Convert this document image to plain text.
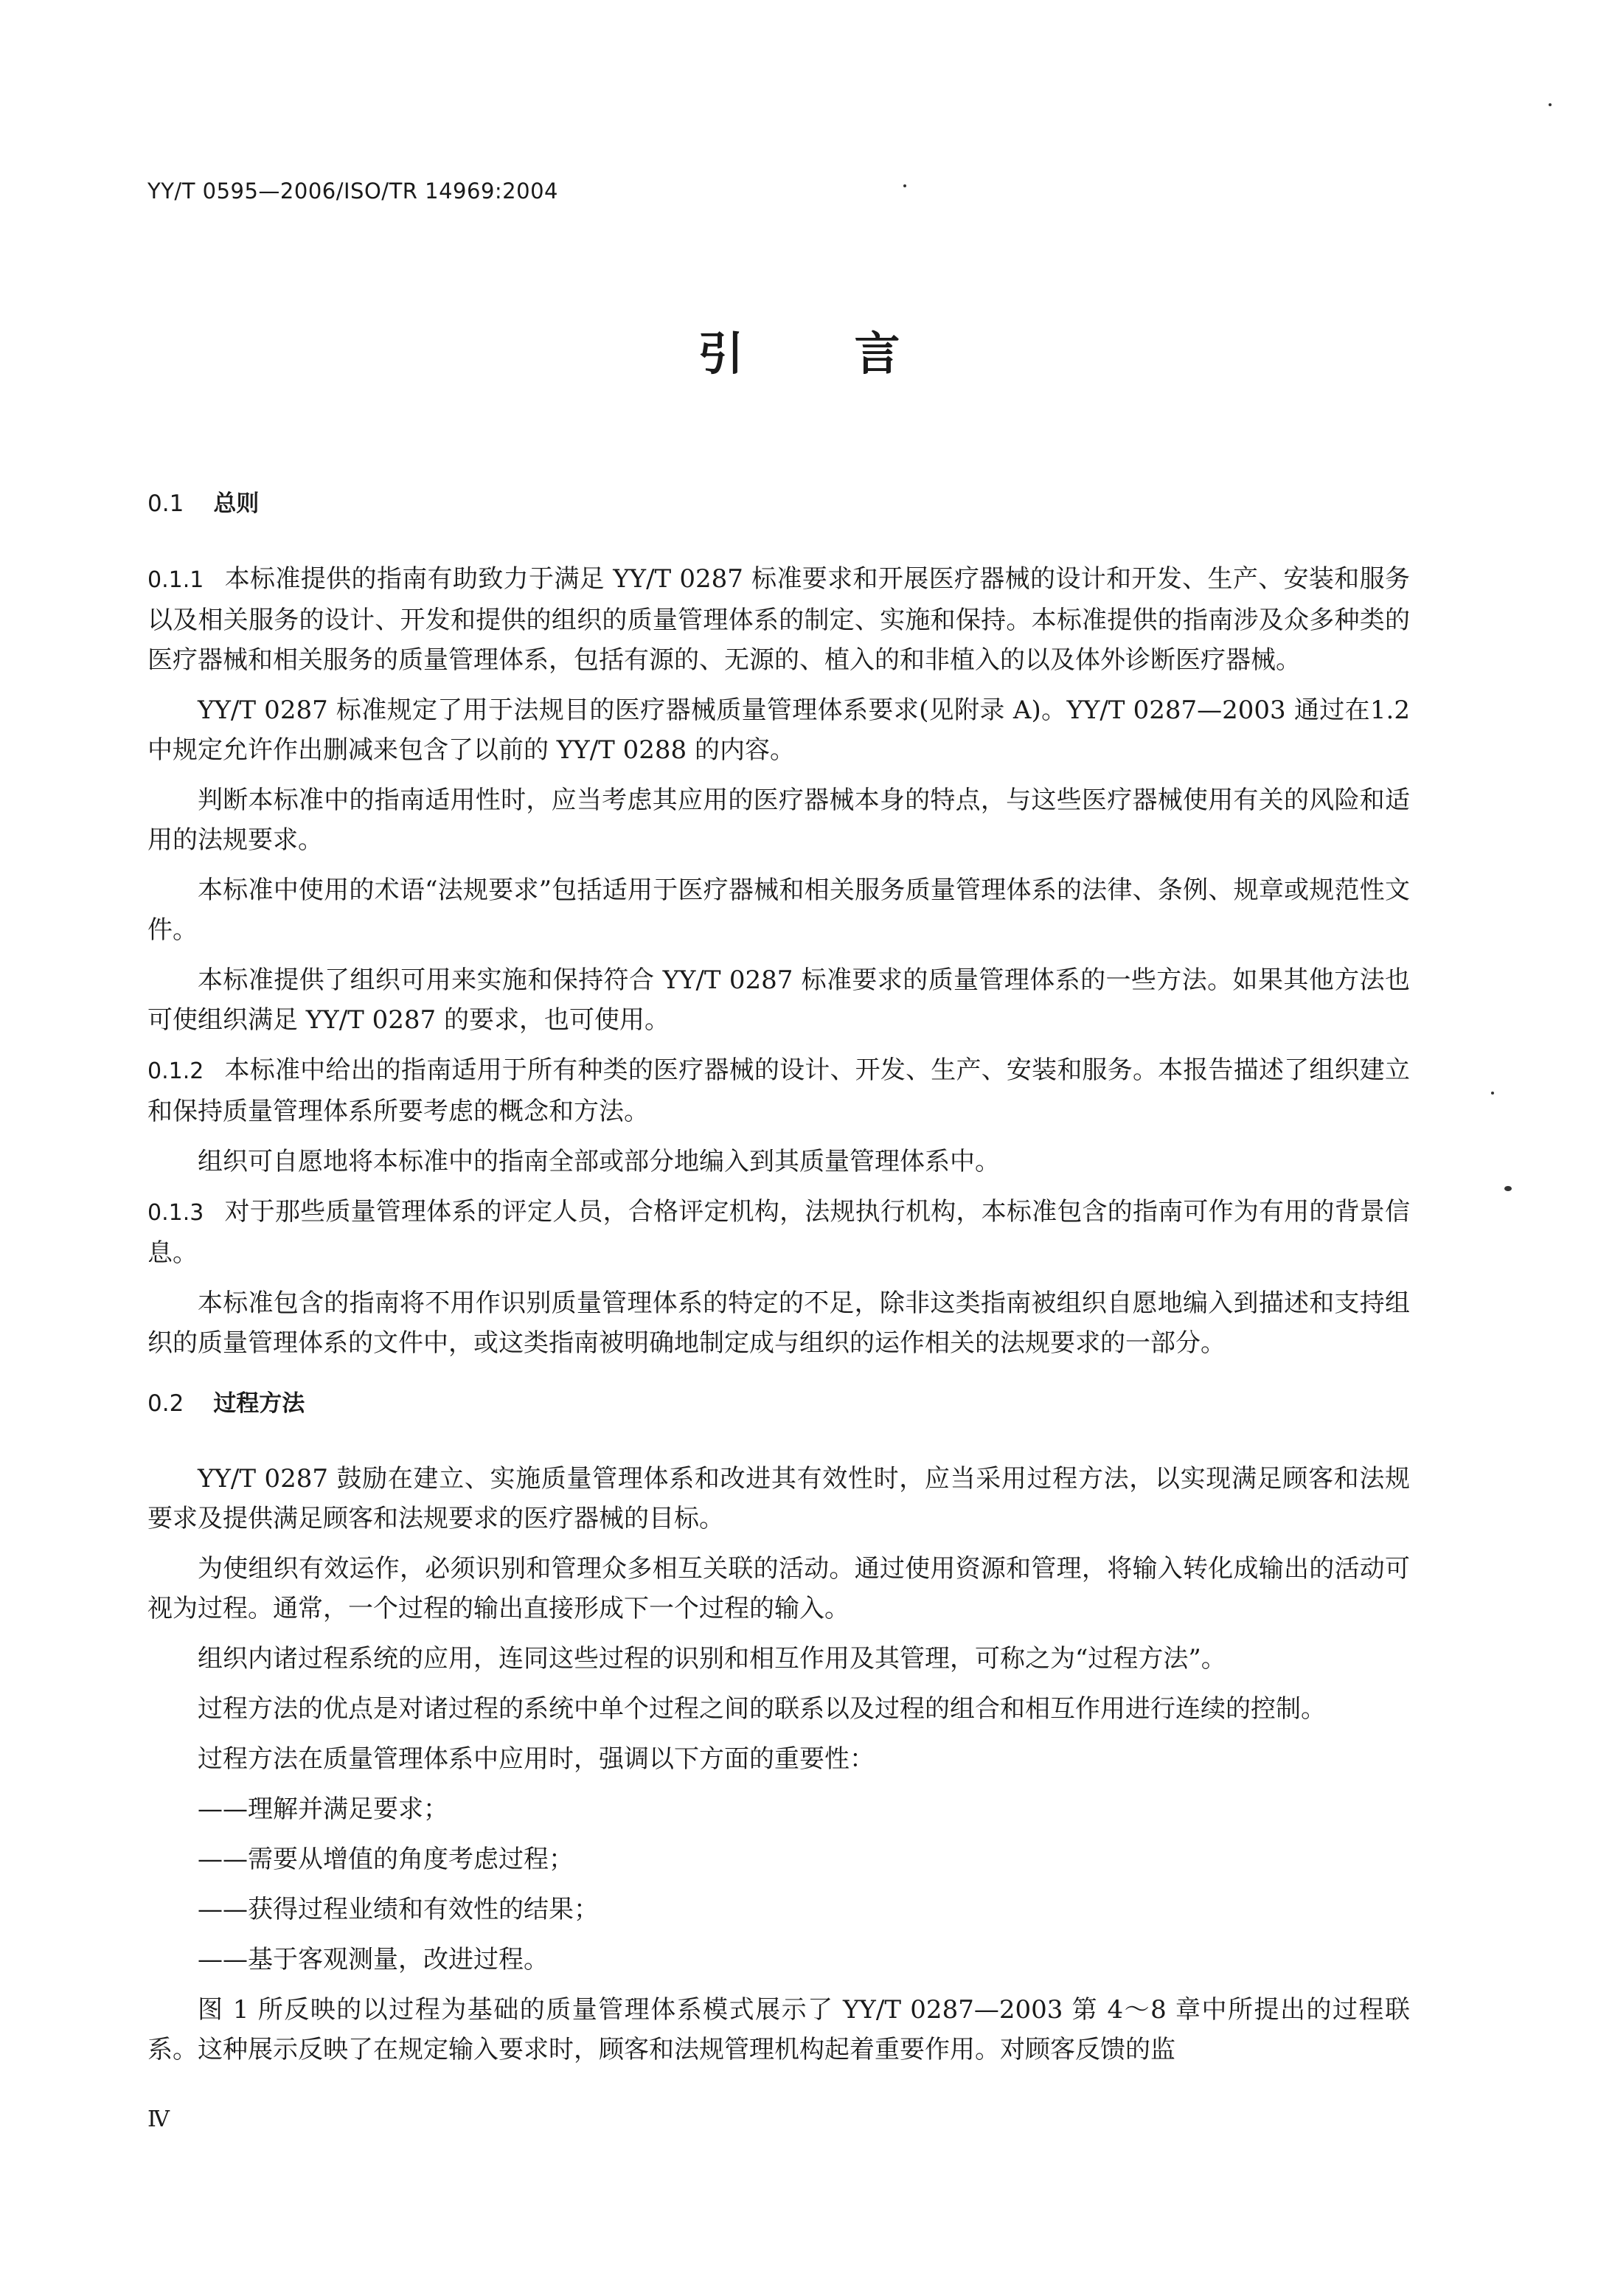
YY/T 0595—2006/ISO/TR 14969:2004
引言
0.1 总则

0.1.1 本标准提供的指南有助致力于满足 YY/T 0287 标准要求和开展医疗器械的设计和开发、生产、安装和服务以及相关服务的设计、开发和提供的组织的质量管理体系的制定、实施和保持。本标准提供的指南涉及众多种类的医疗器械和相关服务的质量管理体系，包括有源的、无源的、植入的和非植入的以及体外诊断医疗器械。

YY/T 0287 标准规定了用于法规目的医疗器械质量管理体系要求(见附录 A)。YY/T 0287—2003 通过在1.2 中规定允许作出删减来包含了以前的 YY/T 0288 的内容。

判断本标准中的指南适用性时，应当考虑其应用的医疗器械本身的特点，与这些医疗器械使用有关的风险和适用的法规要求。

本标准中使用的术语“法规要求”包括适用于医疗器械和相关服务质量管理体系的法律、条例、规章或规范性文件。

本标准提供了组织可用来实施和保持符合 YY/T 0287 标准要求的质量管理体系的一些方法。如果其他方法也可使组织满足 YY/T 0287 的要求，也可使用。

0.1.2 本标准中给出的指南适用于所有种类的医疗器械的设计、开发、生产、安装和服务。本报告描述了组织建立和保持质量管理体系所要考虑的概念和方法。

组织可自愿地将本标准中的指南全部或部分地编入到其质量管理体系中。

0.1.3 对于那些质量管理体系的评定人员，合格评定机构，法规执行机构，本标准包含的指南可作为有用的背景信息。

本标准包含的指南将不用作识别质量管理体系的特定的不足，除非这类指南被组织自愿地编入到描述和支持组织的质量管理体系的文件中，或这类指南被明确地制定成与组织的运作相关的法规要求的一部分。

0.2 过程方法

YY/T 0287 鼓励在建立、实施质量管理体系和改进其有效性时，应当采用过程方法，以实现满足顾客和法规要求及提供满足顾客和法规要求的医疗器械的目标。

为使组织有效运作，必须识别和管理众多相互关联的活动。通过使用资源和管理，将输入转化成输出的活动可视为过程。通常，一个过程的输出直接形成下一个过程的输入。

组织内诸过程系统的应用，连同这些过程的识别和相互作用及其管理，可称之为“过程方法”。

过程方法的优点是对诸过程的系统中单个过程之间的联系以及过程的组合和相互作用进行连续的控制。

过程方法在质量管理体系中应用时，强调以下方面的重要性：

——理解并满足要求；
——需要从增值的角度考虑过程；
——获得过程业绩和有效性的结果；
——基于客观测量，改进过程。

图 1 所反映的以过程为基础的质量管理体系模式展示了 YY/T 0287—2003 第 4～8 章中所提出的过程联系。这种展示反映了在规定输入要求时，顾客和法规管理机构起着重要作用。对顾客反馈的监

Ⅳ
